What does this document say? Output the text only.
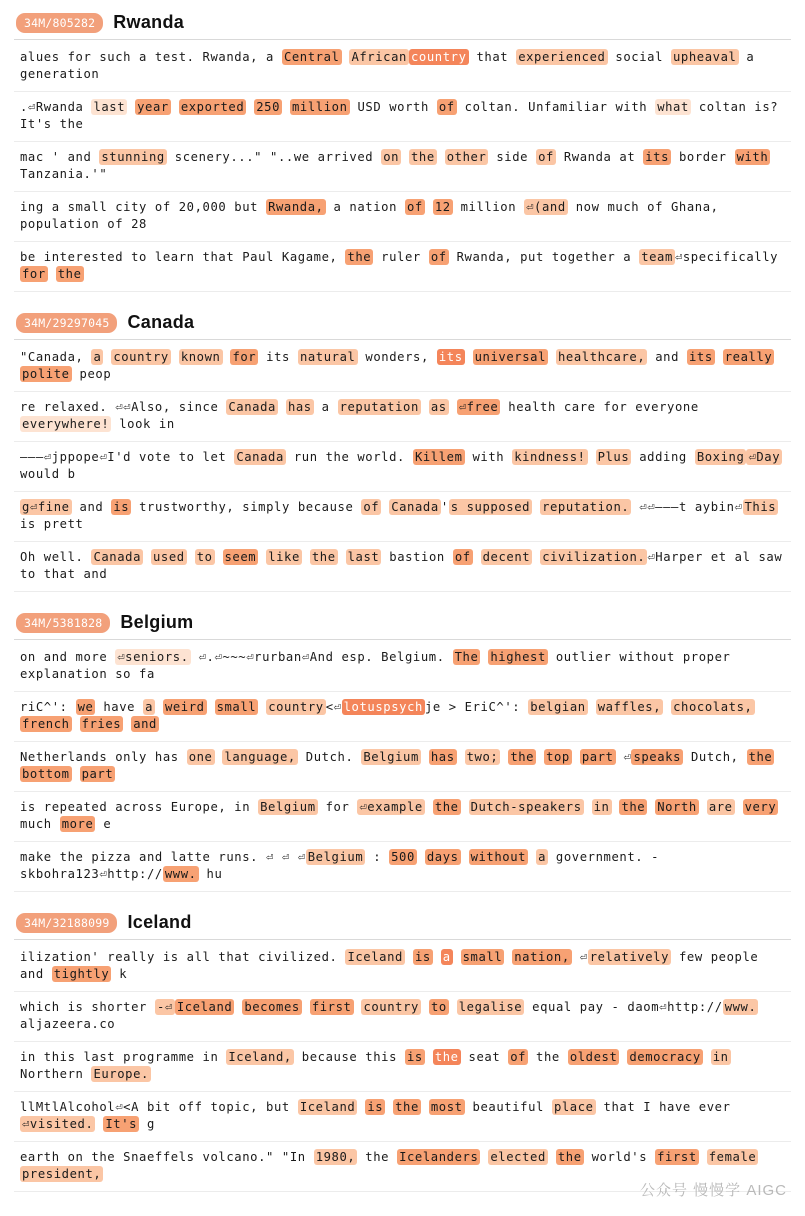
34M/805282	Rwanda
alues for such a test. Rwanda, a Central African country that experienced social upheaval a generation
.⏎Rwanda last year exported 250 million USD worth of coltan. Unfamiliar with what coltan is? It's the
mac ' and stunning scenery..." "..we arrived on the other side of Rwanda at its border with Tanzania.'"
ing a small city of 20,000 but Rwanda, a nation of 12 million ⏎(and now much of Ghana, population of 28
be interested to learn that Paul Kagame, the ruler of Rwanda, put together a team ⏎specifically for the
34M/29297045	Canada
"Canada, a country known for its natural wonders, its universal healthcare, and its really polite peop
re relaxed. ⏎⏎Also, since Canada has a reputation as ⏎free health care for everyone everywhere! look in
———⏎jppope⏎I'd vote to let Canada run the world. Killem with kindness! Plus adding Boxing ⏎Day would b
g⏎fine and is trustworthy, simply because of Canada ' s supposed reputation. ⏎⏎———t aybin⏎ This is prett
Oh well. Canada used to seem like the last bastion of decent civilization. ⏎Harper et al saw to that and
34M/5381828	Belgium
on and more ⏎seniors. ⏎.⏎~~~⏎rurban⏎And esp. Belgium. The highest outlier without proper explanation so fa
riC^': we have a weird small country <⏎ lotuspsych je > EriC^': belgian waffles, chocolats, french fries and
Netherlands only has one language, Dutch. Belgium has two; the top part ⏎ speaks Dutch, the bottom part
is repeated across Europe, in Belgium for ⏎example the Dutch-speakers in the North are very much more e
make the pizza and latte runs. ⏎ ⏎ ⏎ Belgium : 500 days without a government. - skbohra123⏎http:// www. hu
34M/32188099	Iceland
ilization' really is all that civilized. Iceland is a small nation, ⏎ relatively few people and tightly k
which is shorter -⏎ Iceland becomes first country to legalise equal pay - daom⏎http:// www. aljazeera.co
in this last programme in Iceland, because this is the seat of the oldest democracy in Northern Europe.
llMtlAlcohol⏎<A bit off topic, but Iceland is the most beautiful place that I have ever ⏎visited. It's g
earth on the Snaeffels volcano." "In 1980, the Icelanders elected the world's first female president,
公众号 慢慢学 AIGC
